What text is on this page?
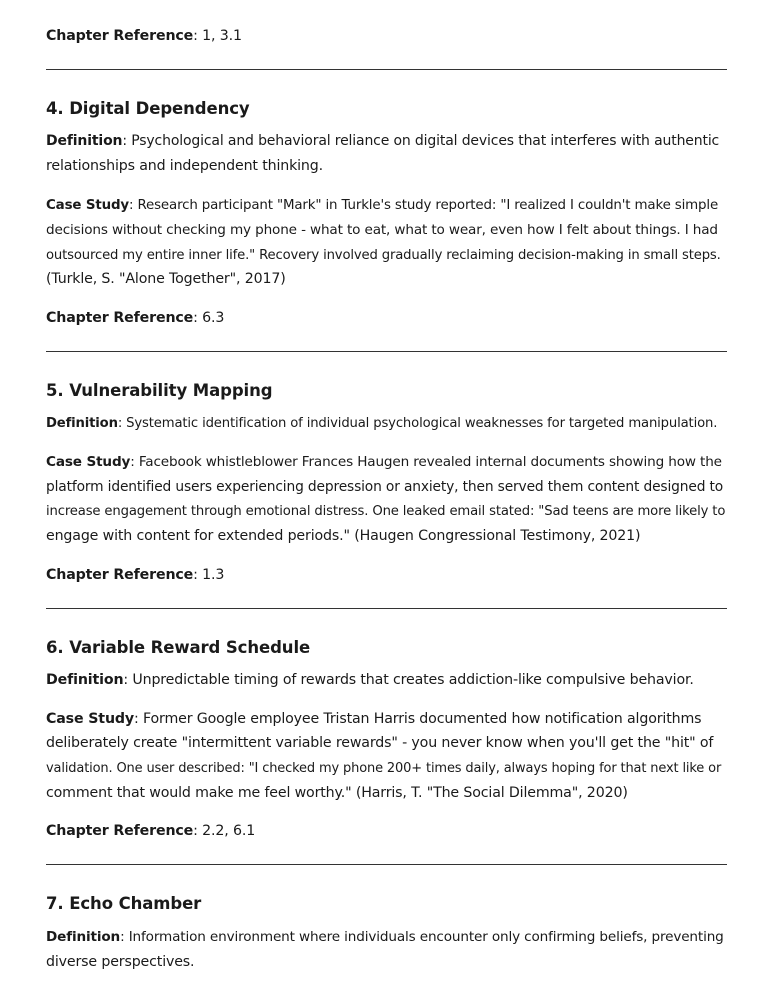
Chapter Reference: 1, 3.1
4. Digital Dependency
Definition: Psychological and behavioral reliance on digital devices that interferes with authentic
relationships and independent thinking.
Case Study: Research participant "Mark" in Turkle's study reported: "I realized I couldn't make simple
decisions without checking my phone - what to eat, what to wear, even how I felt about things. I had
outsourced my entire inner life." Recovery involved gradually reclaiming decision-making in small steps.
(Turkle, S. "Alone Together", 2017)
Chapter Reference: 6.3
5. Vulnerability Mapping
Definition: Systematic identification of individual psychological weaknesses for targeted manipulation.
Case Study: Facebook whistleblower Frances Haugen revealed internal documents showing how the
platform identified users experiencing depression or anxiety, then served them content designed to
increase engagement through emotional distress. One leaked email stated: "Sad teens are more likely to
engage with content for extended periods." (Haugen Congressional Testimony, 2021)
Chapter Reference: 1.3
6. Variable Reward Schedule
Definition: Unpredictable timing of rewards that creates addiction-like compulsive behavior.
Case Study: Former Google employee Tristan Harris documented how notification algorithms
deliberately create "intermittent variable rewards" - you never know when you'll get the "hit" of
validation. One user described: "I checked my phone 200+ times daily, always hoping for that next like or
comment that would make me feel worthy." (Harris, T. "The Social Dilemma", 2020)
Chapter Reference: 2.2, 6.1
7. Echo Chamber
Definition: Information environment where individuals encounter only confirming beliefs, preventing
diverse perspectives.
